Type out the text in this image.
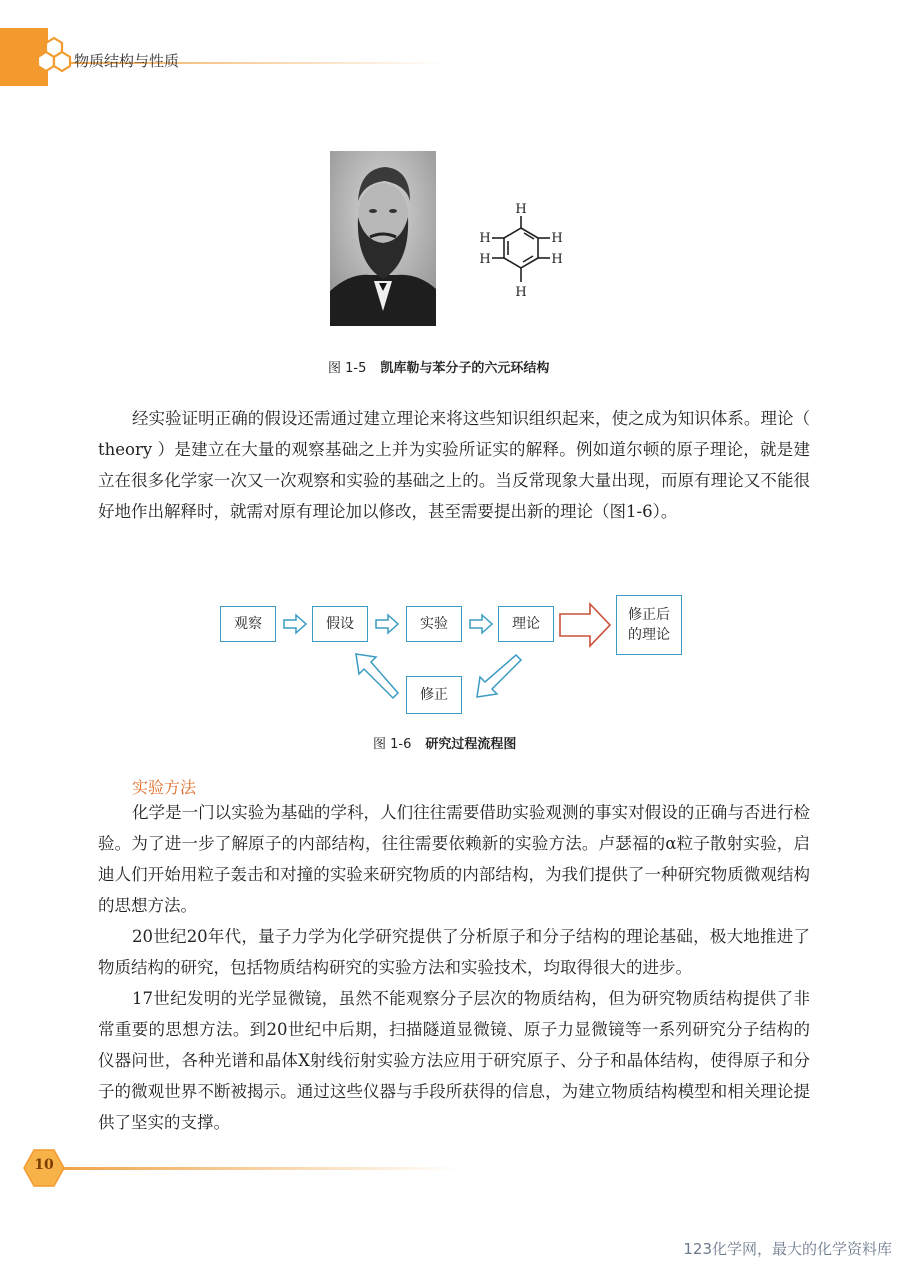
物质结构与性质
H
H
H
H
H
H
图 1-5 凯库勒与苯分子的六元环结构

经实验证明正确的假设还需通过建立理论来将这些知识组织起来，使之成为知识体系。理论（ theory ）是建立在大量的观察基础之上并为实验所证实的解释。例如道尔顿的原子理论，就是建立在很多化学家一次又一次观察和实验的基础之上的。当反常现象大量出现，而原有理论又不能很好地作出解释时，就需对原有理论加以修改，甚至需要提出新的理论（图1-6）。

观察	假设	实验	理论
修正后
的理论
修正
图 1-6 研究过程流程图
实验方法

化学是一门以实验为基础的学科，人们往往需要借助实验观测的事实对假设的正确与否进行检验。为了进一步了解原子的内部结构，往往需要依赖新的实验方法。卢瑟福的α粒子散射实验，启迪人们开始用粒子轰击和对撞的实验来研究物质的内部结构，为我们提供了一种研究物质微观结构的思想方法。

20世纪20年代，量子力学为化学研究提供了分析原子和分子结构的理论基础，极大地推进了物质结构的研究，包括物质结构研究的实验方法和实验技术，均取得很大的进步。

17世纪发明的光学显微镜，虽然不能观察分子层次的物质结构，但为研究物质结构提供了非常重要的思想方法。到20世纪中后期，扫描隧道显微镜、原子力显微镜等一系列研究分子结构的仪器问世，各种光谱和晶体X射线衍射实验方法应用于研究原子、分子和晶体结构，使得原子和分子的微观世界不断被揭示。通过这些仪器与手段所获得的信息，为建立物质结构模型和相关理论提供了坚实的支撑。

10
123化学网，最大的化学资料库
